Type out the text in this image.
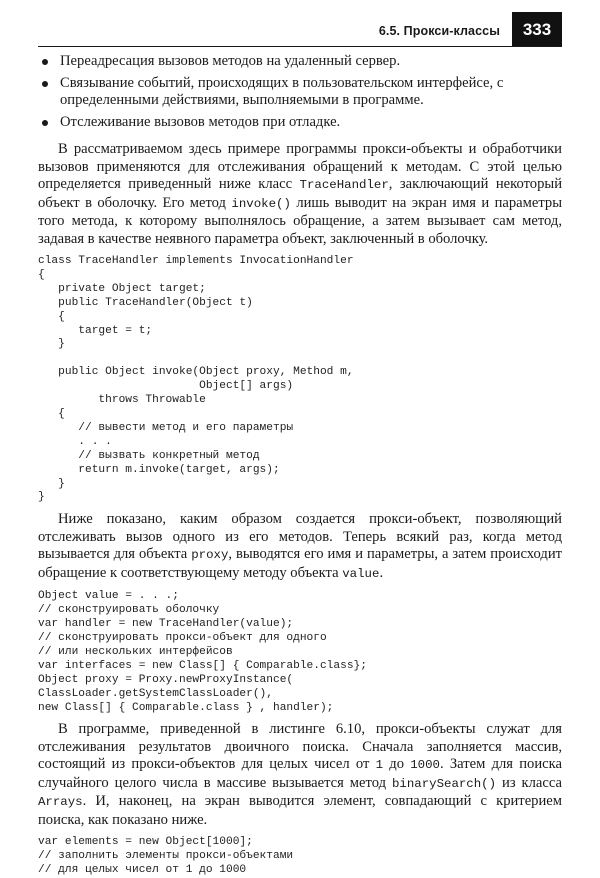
6.5. Прокси-классы	333
Переадресация вызовов методов на удаленный сервер.
Связывание событий, происходящих в пользовательском интерфейсе, с определенными действиями, выполняемыми в программе.
Отслеживание вызовов методов при отладке.

В рассматриваемом здесь примере программы прокси-объекты и обработчики вызовов применяются для отслеживания обращений к методам. С этой целью определяется приведенный ниже класс TraceHandler, заключающий некоторый объект в оболочку. Его метод invoke() лишь выводит на экран имя и параметры того метода, к которому выполнялось обращение, а затем вызывает сам метод, задавая в качестве неявного параметра объект, заключенный в оболочку.

class TraceHandler implements InvocationHandler
{
private Object target;
public TraceHandler(Object t)
{
target = t;
}

public Object invoke(Object proxy, Method m,
Object[] args)
throws Throwable
{
// вывести метод и его параметры
. . .
// вызвать конкретный метод
return m.invoke(target, args);
}
}

Ниже показано, каким образом создается прокси-объект, позволяющий отслеживать вызов одного из его методов. Теперь всякий раз, когда метод вызывается для объекта proxy, выводятся его имя и параметры, а затем происходит обращение к соответствующему методу объекта value.

Object value = . . .;
// сконструировать оболочку
var handler = new TraceHandler(value);
// сконструировать прокси-объект для одного
// или нескольких интерфейсов
var interfaces = new Class[] { Comparable.class};
Object proxy = Proxy.newProxyInstance(
ClassLoader.getSystemClassLoader(),
new Class[] { Comparable.class } , handler);

В программе, приведенной в листинге 6.10, прокси-объекты служат для отслеживания результатов двоичного поиска. Сначала заполняется массив, состоящий из прокси-объектов для целых чисел от 1 до 1000. Затем для поиска случайного целого числа в массиве вызывается метод binarySearch() из класса Arrays. И, наконец, на экран выводится элемент, совпадающий с критерием поиска, как показано ниже.

var elements = new Object[1000];
// заполнить элементы прокси-объектами
// для целых чисел от 1 до 1000
